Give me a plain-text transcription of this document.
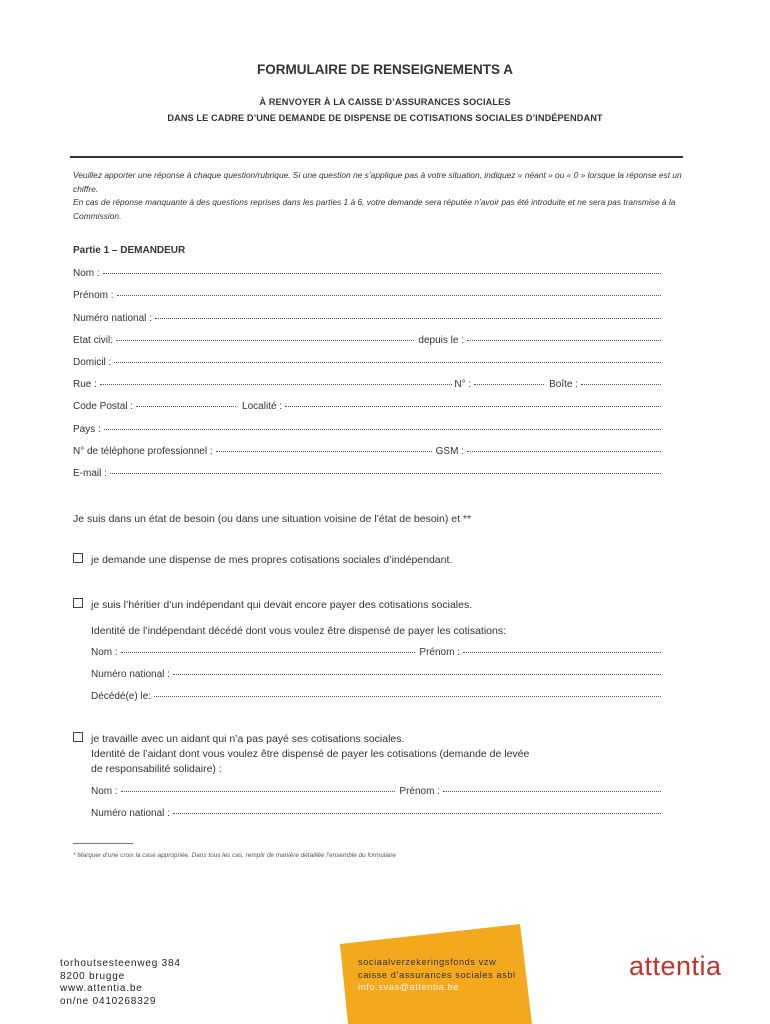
FORMULAIRE DE RENSEIGNEMENTS A
À RENVOYER À LA CAISSE D’ASSURANCES SOCIALES
DANS LE CADRE D’UNE DEMANDE DE DISPENSE DE COTISATIONS SOCIALES D’INDÉPENDANT
Veuillez apporter une réponse à chaque question/rubrique. Si une question ne s’applique pas à votre situation, indiquez « néant » ou « 0 » lorsque la réponse est un chiffre.
En cas de réponse manquante à des questions reprises dans les parties 1 à 6, votre demande sera réputée n’avoir pas été introduite et ne sera pas transmise à la Commission.
Partie 1 – DEMANDEUR
Nom :
Prénom :
Numéro national :
Etat civil:	depuis le :
Domicil :
Rue :	N° :	Boîte :
Code Postal :	Localité :
Pays :
N° de téléphone professionnel :	GSM :
E-mail :
Je suis dans un état de besoin (ou dans une situation voisine de l’état de besoin) et **
je demande une dispense de mes propres cotisations sociales d’indépendant.
je suis l’héritier d’un indépendant qui devait encore payer des cotisations sociales.
Identité de l’indépendant décédé dont vous voulez être dispensé de payer les cotisations:
Nom :	Prénom :
Numéro national :
Décédé(e) le:
je travaille avec un aidant qui n’a pas payé ses cotisations sociales.
Identité de l’aidant dont vous voulez être dispensé de payer les cotisations (demande de levée
de responsabilité solidaire) :
Nom :	Prénom :
Numéro national :
* Marquer d’une croix la case appropriée. Dans tous les cas, remplir de manière détaillée l’ensemble du formulaire
torhoutsesteenweg 384
8200 brugge
www.attentia.be
on/ne 0410268329
sociaalverzekeringsfonds vzw
caisse d’assurances sociales asbl
info.svas@attentia.be
attentia
